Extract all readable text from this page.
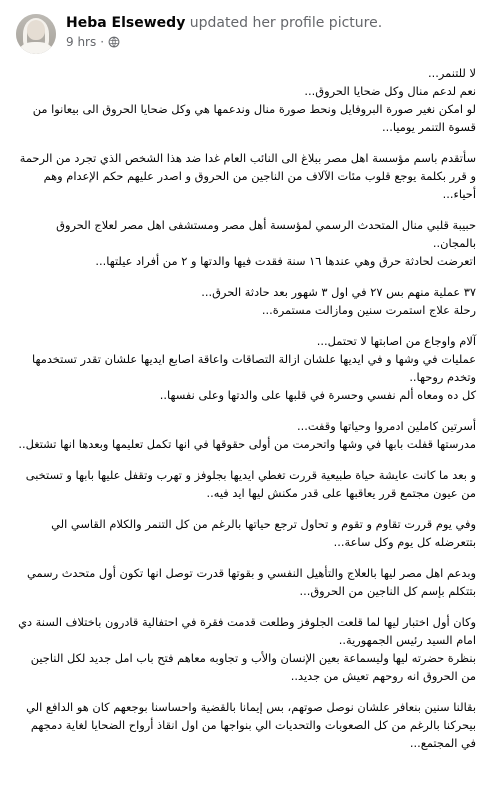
Heba Elsewedy updated her profile picture.
9 hrs ·
لا للتنمر...
نعم لدعم منال وكل ضحايا الحروق...
لو امكن نغير صورة البروفايل ونحط صورة منال وندعمها هي وكل ضحايا الحروق الى بيعانوا من قسوة التنمر يوميا...
سأتقدم باسم مؤسسة اهل مصر ببلاغ الى النائب العام غدا ضد هذا الشخص الذي تجرد من الرحمة و قرر بكلمة يوجع قلوب مئات الآلاف من الناجين من الحروق و اصدر عليهم حكم الإعدام وهم أحياء...
حبيبة قلبي منال المتحدث الرسمي لمؤسسة أهل مصر ومستشفى اهل مصر لعلاج الحروق بالمجان..
اتعرضت لحادثة حرق وهي عندها ١٦ سنة فقدت فيها والدتها و ٢ من أفراد عيلتها...
٣٧ عملية منهم بس ٢٧ في اول ٣ شهور بعد حادثة الحرق...
رحلة علاج استمرت سنين ومازالت مستمرة...
آلام واوجاع من اصابتها لا تحتمل...
عمليات في وشها و في ايديها علشان ازالة التصاقات واعاقة اصابع ايديها علشان تقدر تستخدمها وتخدم روحها..
كل ده ومعاه ألم نفسي وحسرة في قلبها على والدتها وعلى نفسها..
أسرتين كاملين ادمروا وحياتها وقفت...
مدرستها قفلت بابها في وشها واتحرمت من أولى حقوقها في انها تكمل تعليمها وبعدها انها تشتغل..
و بعد ما كانت عايشة حياة طبيعية قررت تغطي ايديها بجلوفز و تهرب وتقفل عليها بابها و تستخبى من عيون مجتمع قرر يعاقبها على قدر مكنش ليها ايد فيه..
وفي يوم قررت تقاوم و تقوم و تحاول ترجع حياتها بالرغم من كل التنمر والكلام القاسي الي بتتعرضله كل يوم وكل ساعة...
وبدعم اهل مصر ليها بالعلاج والتأهيل النفسي و بقوتها قدرت توصل انها تكون أول متحدث رسمي بتتكلم بإسم كل الناجين من الحروق...
وكان أول اختبار ليها لما قلعت الجلوفز وطلعت قدمت فقرة في احتفالية قادرون باختلاف السنة دي امام السيد رئيس الجمهورية..
بنظرة حضرته ليها وليسماعة بعين الإنسان والأب و تجاوبه معاهم فتح باب امل جديد لكل الناجين من الحروق انه روحهم تعيش من جديد..
بقالنا سنين بنعافر علشان نوصل صوتهم، بس إيمانا بالقضية واحساسنا بوجعهم كان هو الدافع الي بيحركنا بالرغم من كل الصعوبات والتحديات الي بنواجها من اول انقاذ أرواح الضحايا لغاية دمجهم في المجتمع...
